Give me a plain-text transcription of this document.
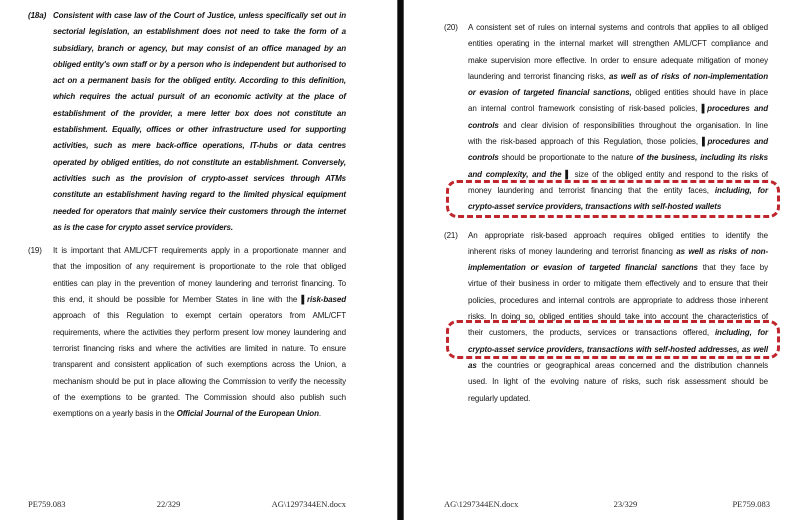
(18a) Consistent with case law of the Court of Justice, unless specifically set out in
sectorial legislation, an establishment does not need to take the form of a
subsidiary, branch or agency, but may consist of an office managed by an
obliged entity's own staff or by a person who is independent but authorised to
act on a permanent basis for the obliged entity. According to this definition,
which requires the actual pursuit of an economic activity at the place of
establishment of the provider, a mere letter box does not constitute an
establishment. Equally, offices or other infrastructure used for supporting
activities, such as mere back-office operations, IT-hubs or data centres
operated by obliged entities, do not constitute an establishment. Conversely,
activities such as the provision of crypto-asset services through ATMs
constitute an establishment having regard to the limited physical equipment
needed for operators that mainly service their customers through the internet
as is the case for crypto asset service providers.
(19) It is important that AML/CFT requirements apply in a proportionate manner and
that the imposition of any requirement is proportionate to the role that obliged
entities can play in the prevention of money laundering and terrorist financing. To
this end, it should be possible for Member States in line with the ▌risk-based
approach of this Regulation to exempt certain operators from AML/CFT
requirements, where the activities they perform present low money laundering and
terrorist financing risks and where the activities are limited in nature. To ensure
transparent and consistent application of such exemptions across the Union, a
mechanism should be put in place allowing the Commission to verify the necessity
of the exemptions to be granted. The Commission should also publish such
exemptions on a yearly basis in the Official Journal of the European Union.
PE759.083	22/329	AG\1297344EN.docx
(20) A consistent set of rules on internal systems and controls that applies to all obliged
entities operating in the internal market will strengthen AML/CFT compliance and
make supervision more effective. In order to ensure adequate mitigation of money
laundering and terrorist financing risks, as well as of risks of non-implementation
or evasion of targeted financial sanctions, obliged entities should have in place
an internal control framework consisting of risk-based policies, ▌procedures and
controls and clear division of responsibilities throughout the organisation. In line
with the risk-based approach of this Regulation, those policies, ▌procedures and
controls should be proportionate to the nature of the business, including its risks
and complexity, and the ▌ size of the obliged entity and respond to the risks of
money laundering and terrorist financing that the entity faces, including, for
crypto-asset service providers, transactions with self-hosted wallets
(21) An appropriate risk-based approach requires obliged entities to identify the
inherent risks of money laundering and terrorist financing as well as risks of non-
implementation or evasion of targeted financial sanctions that they face by
virtue of their business in order to mitigate them effectively and to ensure that their
policies, procedures and internal controls are appropriate to address those inherent
risks. In doing so, obliged entities should take into account the characteristics of
their customers, the products, services or transactions offered, including, for
crypto-asset service providers, transactions with self-hosted addresses, as well
as the countries or geographical areas concerned and the distribution channels
used. In light of the evolving nature of risks, such risk assessment should be
regularly updated.
AG\1297344EN.docx	23/329	PE759.083
